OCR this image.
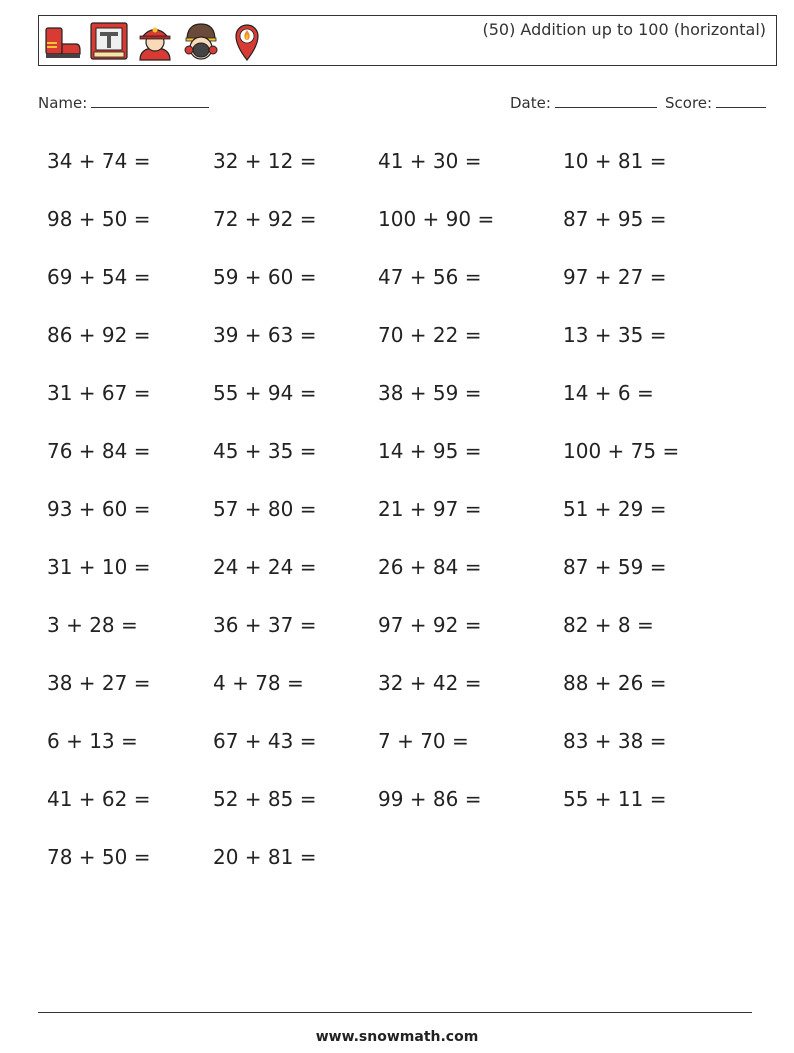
(50) Addition up to 100 (horizontal)
Name:	Date:	Score:
34 + 74 =	32 + 12 =	41 + 30 =	10 + 81 =
98 + 50 =	72 + 92 =	100 + 90 =	87 + 95 =
69 + 54 =	59 + 60 =	47 + 56 =	97 + 27 =
86 + 92 =	39 + 63 =	70 + 22 =	13 + 35 =
31 + 67 =	55 + 94 =	38 + 59 =	14 + 6 =
76 + 84 =	45 + 35 =	14 + 95 =	100 + 75 =
93 + 60 =	57 + 80 =	21 + 97 =	51 + 29 =
31 + 10 =	24 + 24 =	26 + 84 =	87 + 59 =
3 + 28 =	36 + 37 =	97 + 92 =	82 + 8 =
38 + 27 =	4 + 78 =	32 + 42 =	88 + 26 =
6 + 13 =	67 + 43 =	7 + 70 =	83 + 38 =
41 + 62 =	52 + 85 =	99 + 86 =	55 + 11 =
78 + 50 =	20 + 81 =
www.snowmath.com
